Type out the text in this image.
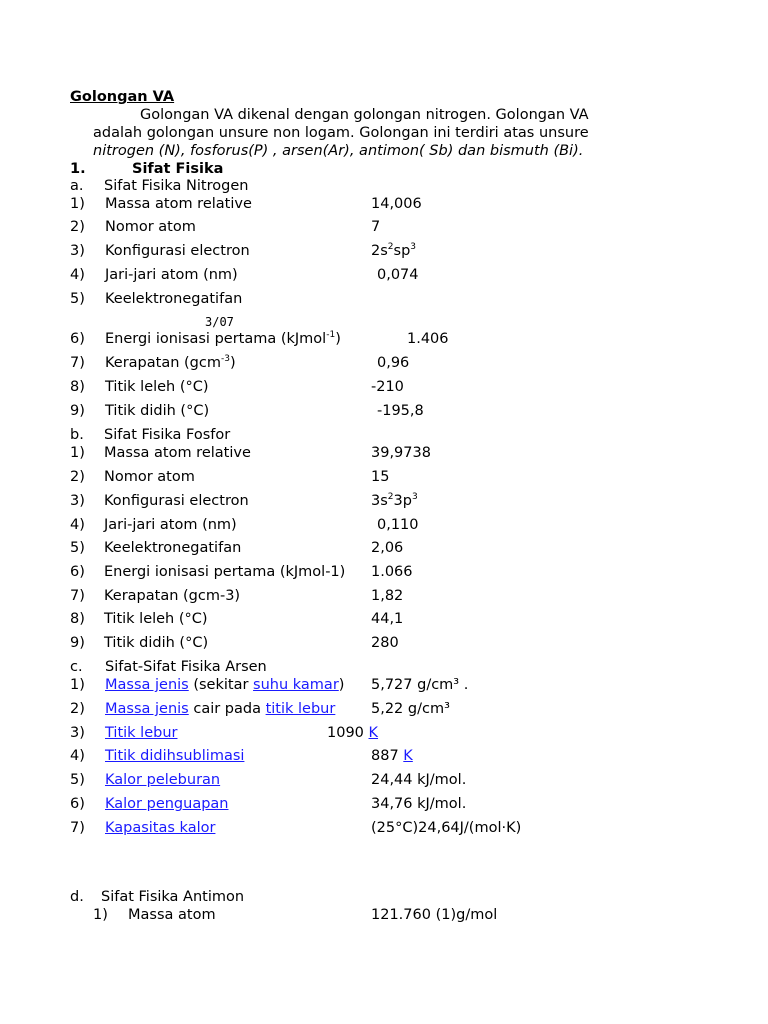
Golongan VA
Golongan VA dikenal dengan golongan nitrogen. Golongan VA
adalah golongan unsure non logam. Golongan ini terdiri atas unsure
nitrogen (N), fosforus(P) , arsen(Ar), antimon( Sb) dan bismuth (Bi).
1.	Sifat Fisika
a. Sifat Fisika Nitrogen
1) Massa atom relative	14,006
2) Nomor atom	7
3) Konfigurasi electron	$2s^2sp^3$
4) Jari-jari atom (nm)	0,074
5) Keelektronegatifan
3/07
6) Energi ionisasi pertama (kJmol$^{-1}$)	1.406
7) Kerapatan (gcm$^{-3}$)	0,96
8) Titik leleh (°C)	-210
9) Titik didih (°C)	-195,8
b. Sifat Fisika Fosfor
1) Massa atom relative	39,9738
2) Nomor atom	15
3) Konfigurasi electron	$3s^23p^3$
4) Jari-jari atom (nm)	0,110
5) Keelektronegatifan	2,06
6) Energi ionisasi pertama (kJmol-1) 1.066
7) Kerapatan (gcm-3)	1,82
8) Titik leleh (°C)	44,1
9) Titik didih (°C)	280
c. Sifat-Sifat Fisika Arsen
1) Massa jenis (sekitar suhu kamar) 5,727 g/cm³ .
2) Massa jenis cair pada titik lebur 5,22 g/cm³
3) Titik lebur	1090 K
4) Titik didihsublimasi	887 K
5) Kalor peleburan	24,44 kJ/mol.
6) Kalor penguapan	34,76 kJ/mol.
7) Kapasitas kalor	(25°C)24,64J/(mol·K)
d. Sifat Fisika Antimon
1) Massa atom	121.760 (1)g/mol
